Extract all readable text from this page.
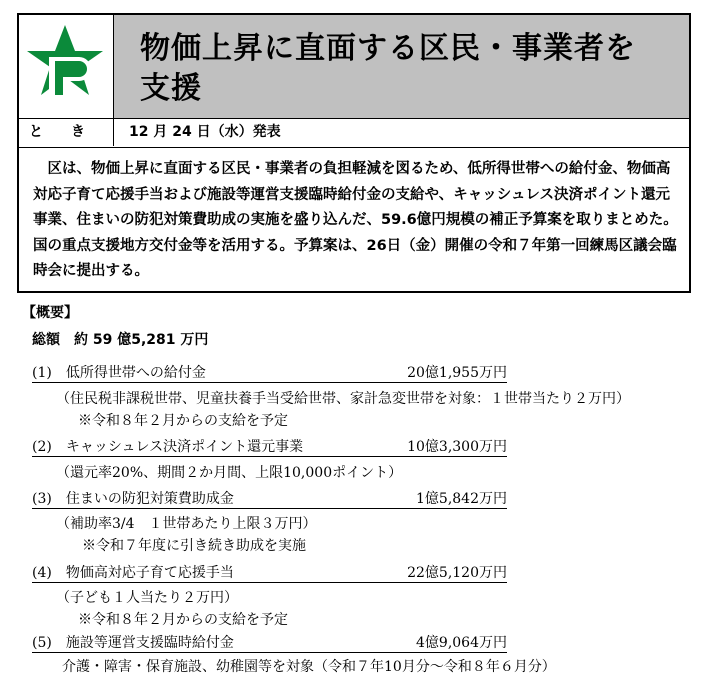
物価上昇に直面する区民・事業者を

支援

と　　き	12 月 24 日（水）発表
　区は、物価上昇に直面する区民・事業者の負担軽減を図るため、低所得世帯への給付金、物価高対応子育て応援手当および施設等運営支援臨時給付金の支給や、キャッシュレス決済ポイント還元事業、住まいの防犯対策費助成の実施を盛り込んだ、59.6億円規模の補正予算案を取りまとめた。国の重点支援地方交付金等を活用する。予算案は、26日（金）開催の令和７年第一回練馬区議会臨時会に提出する。
【概要】
総額　約 59 億5,281 万円
(1)　低所得世帯への給付金	20億1,955万円
（住民税非課税世帯、児童扶養手当受給世帯、家計急変世帯を対象：１世帯当たり２万円）
※令和８年２月からの支給を予定
(2)　キャッシュレス決済ポイント還元事業	10億3,300万円
（還元率20%、期間２か月間、上限10,000ポイント）
(3)　住まいの防犯対策費助成金	1億5,842万円
（補助率3/4　１世帯あたり上限３万円）
※令和７年度に引き続き助成を実施
(4)　物価高対応子育て応援手当	22億5,120万円
（子ども１人当たり２万円）
※令和８年２月からの支給を予定
(5)　施設等運営支援臨時給付金	4億9,064万円
介護・障害・保育施設、幼稚園等を対象（令和７年10月分～令和８年６月分）
